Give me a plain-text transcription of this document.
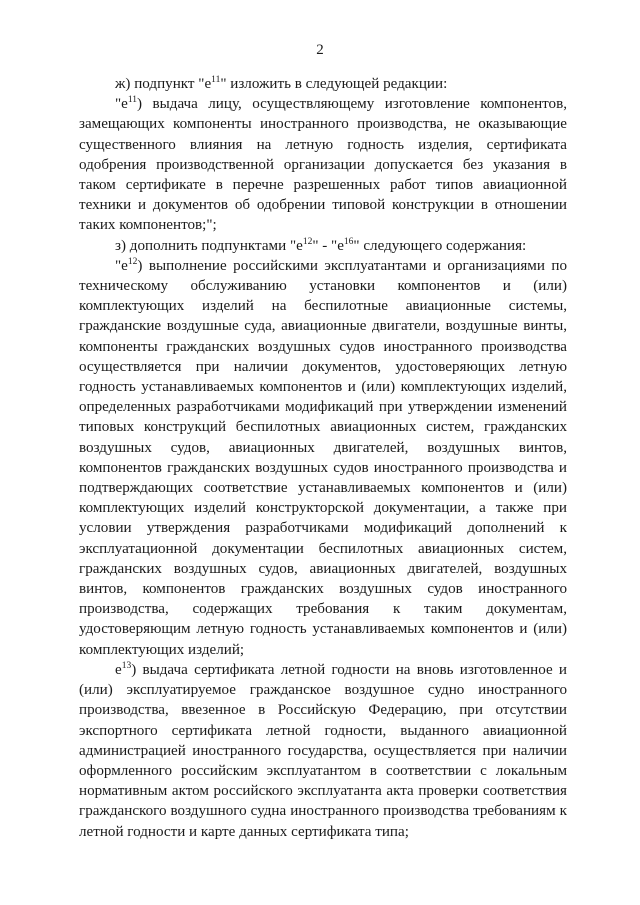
2

ж) подпункт "$е^{11}$" изложить в следующей редакции:

"$е^{11}$) выдача лицу, осуществляющему изготовление компонентов, замещающих компоненты иностранного производства, не оказывающие существенного влияния на летную годность изделия, сертификата одобрения производственной организации допускается без указания в таком сертификате в перечне разрешенных работ типов авиационной техники и документов об одобрении типовой конструкции в отношении таких компонентов;";

з) дополнить подпунктами "$е^{12}$" - "$е^{16}$" следующего содержания:

"$е^{12}$) выполнение российскими эксплуатантами и организациями по техническому обслуживанию установки компонентов и (или) комплектующих изделий на беспилотные авиационные системы, гражданские воздушные суда, авиационные двигатели, воздушные винты, компоненты гражданских воздушных судов иностранного производства осуществляется при наличии документов, удостоверяющих летную годность устанавливаемых компонентов и (или) комплектующих изделий, определенных разработчиками модификаций при утверждении изменений типовых конструкций беспилотных авиационных систем, гражданских воздушных судов, авиационных двигателей, воздушных винтов, компонентов гражданских воздушных судов иностранного производства и подтверждающих соответствие устанавливаемых компонентов и (или) комплектующих изделий конструкторской документации, а также при условии утверждения разработчиками модификаций дополнений к эксплуатационной документации беспилотных авиационных систем, гражданских воздушных судов, авиационных двигателей, воздушных винтов, компонентов гражданских воздушных судов иностранного производства, содержащих требования к таким документам, удостоверяющим летную годность устанавливаемых компонентов и (или) комплектующих изделий;

$е^{13}$) выдача сертификата летной годности на вновь изготовленное и (или) эксплуатируемое гражданское воздушное судно иностранного производства, ввезенное в Российскую Федерацию, при отсутствии экспортного сертификата летной годности, выданного авиационной администрацией иностранного государства, осуществляется при наличии оформленного российским эксплуатантом в соответствии с локальным нормативным актом российского эксплуатанта акта проверки соответствия гражданского воздушного судна иностранного производства требованиям к летной годности и карте данных сертификата типа;
